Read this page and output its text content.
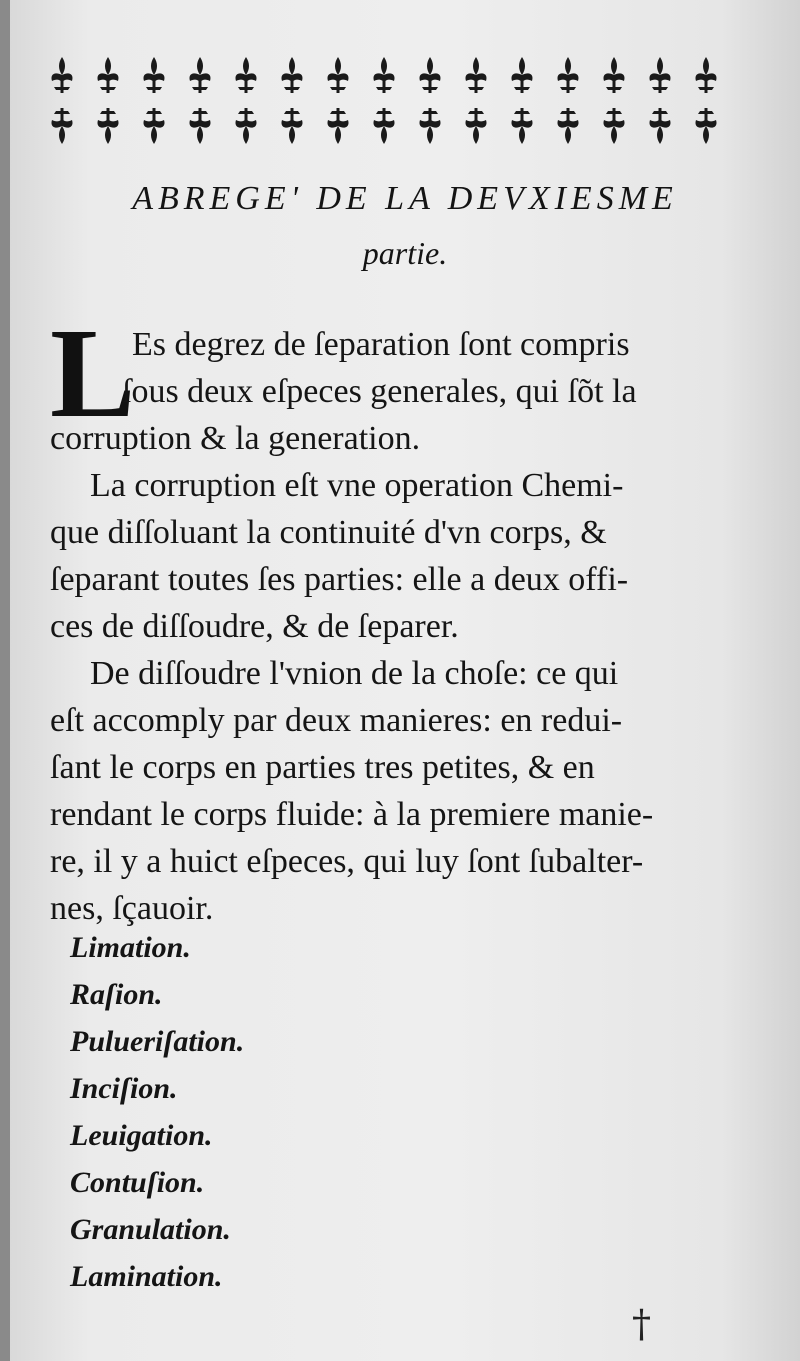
ABREGE' DE LA DEVXIESME
partie.
L
Es degrez de ſeparation ſont compris
ſous deux eſpeces generales, qui ſõt la
corruption & la generation.
La corruption eſt vne operation Chemi-
que diſſoluant la continuité d'vn corps, &
ſeparant toutes ſes parties: elle a deux offi-
ces de diſſoudre, & de ſeparer.
De diſſoudre l'vnion de la choſe: ce qui
eſt accomply par deux manieres: en redui-
ſant le corps en parties tres petites, & en
rendant le corps fluide: à la premiere manie-
re, il y a huict eſpeces, qui luy ſont ſubalter-
nes, ſçauoir.
Limation.
Raſion.
Pulueriſation.
Inciſion.
Leuigation.
Contuſion.
Granulation.
Lamination.
†
